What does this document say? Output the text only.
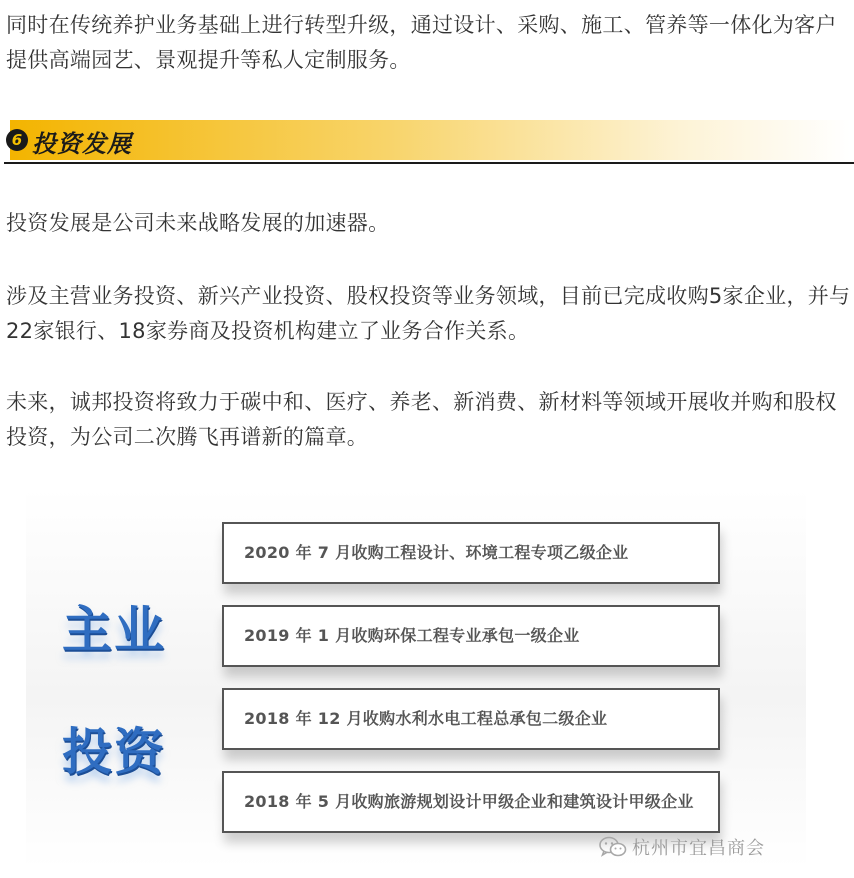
同时在传统养护业务基础上进行转型升级，通过设计、采购、施工、管养等一体化为客户提供高端园艺、景观提升等私人定制服务。

6 投资发展

投资发展是公司未来战略发展的加速器。

涉及主营业务投资、新兴产业投资、股权投资等业务领域，目前已完成收购5家企业，并与22家银行、18家券商及投资机构建立了业务合作关系。

未来，诚邦投资将致力于碳中和、医疗、养老、新消费、新材料等领域开展收并购和股权投资，为公司二次腾飞再谱新的篇章。

主业
投资
2020 年 7 月收购工程设计、环境工程专项乙级企业
2019 年 1 月收购环保工程专业承包一级企业
2018 年 12 月收购水利水电工程总承包二级企业
2018 年 5 月收购旅游规划设计甲级企业和建筑设计甲级企业
杭州市宜昌商会
